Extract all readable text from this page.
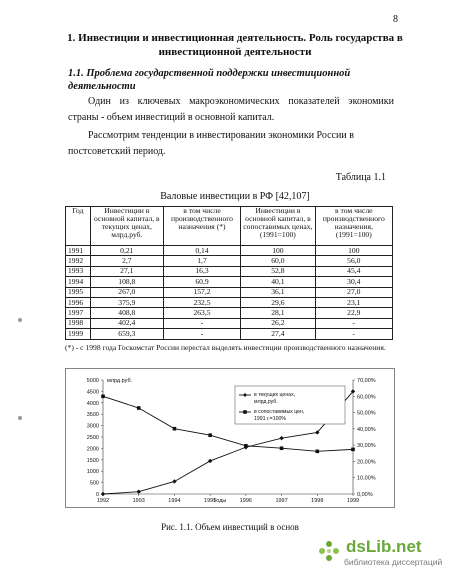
8
1. Инвестиции и инвестиционная деятельность. Роль государства в инвестиционной деятельности
1.1. Проблема государственной поддержки инвестиционной деятельности
Один из ключевых макроэкономических показателей экономики
страны - объем инвестиций в основной капитал.
Рассмотрим тенденции в инвестировании экономики России в
постсоветский период.
Таблица 1.1
Валовые инвестиции в РФ [42,107]
Год	Инвестиции в основной капитал, в текущих ценах, млрд.руб.	в том числе производственного назначения (*)	Инвестиции в основной капитал, в сопоставимых ценах, (1991=100)	в том числе производственного назначения, (1991=100)
1991	0,21	0,14	100	100
1992	2,7	1,7	60,0	56,0
1993	27,1	16,3	52,8	45,4
1994	108,8	60,9	40,1	30,4
1995	267,0	157,2	36,1	27,0
1996	375,9	232,5	29,6	23,1
1997	408,8	263,5	28,1	22,9
1998	402,4	-	26,2	-
1999	659,3	-	27,4	-
(*) - с 1998 года Госкомстат России перестал выделять инвестиции производственного назначения.
0
500
1000
1500
2000
2500
3000
3500
4000
4500
5000
0,00%
10,00%
20,00%
30,00%
40,00%
50,00%
60,00%
70,00%
млрд.руб.
1992	1993	1994	1995	1996	1997	1998	1999
Годы
в текущих ценах,
млрд.руб.
в сопоставимых цен,
1991 г.=100%
Рис. 1.1. Объем инвестиций в основ
dsLib.net
библиотека диссертаций
